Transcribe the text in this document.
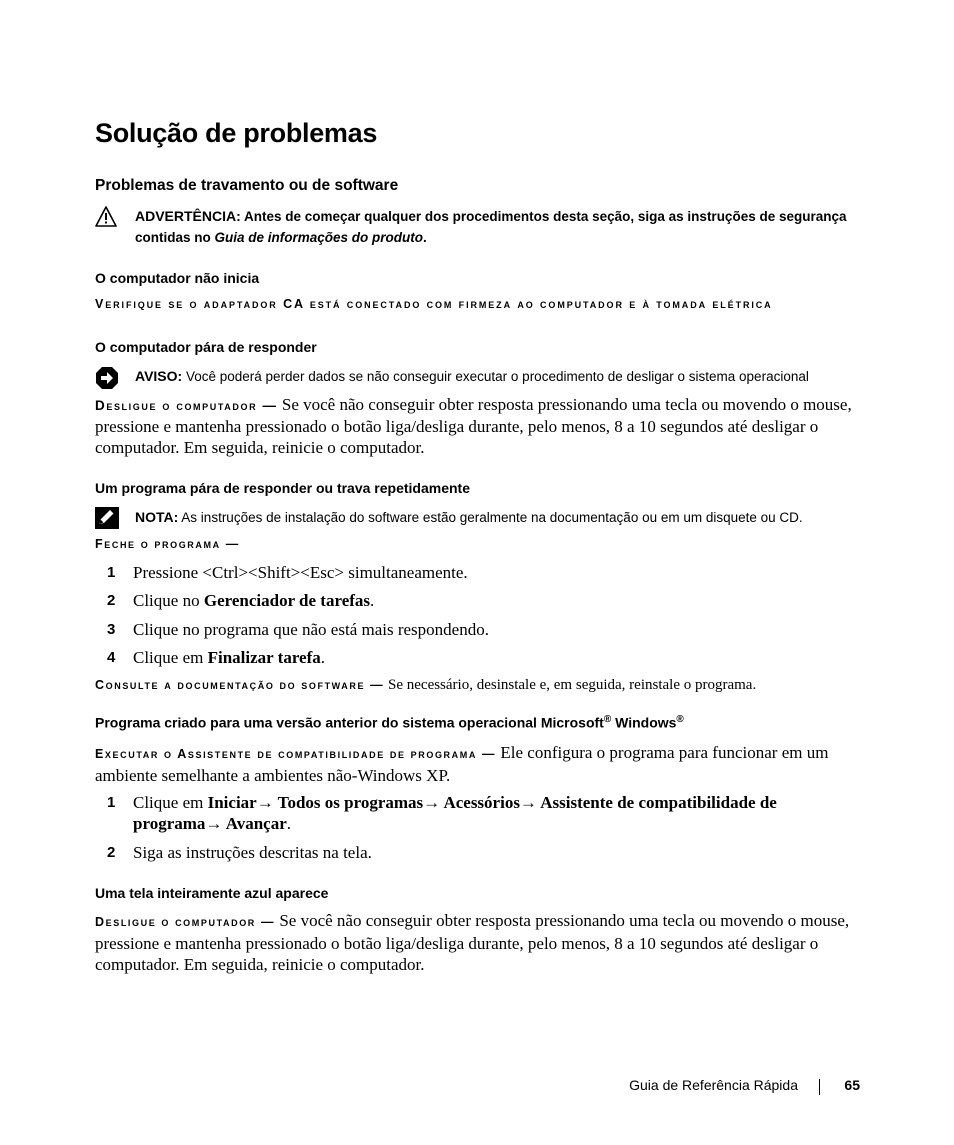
Solução de problemas
Problemas de travamento ou de software
ADVERTÊNCIA: Antes de começar qualquer dos procedimentos desta seção, siga as instruções de segurança contidas no Guia de informações do produto.
O computador não inicia
Verifique se o adaptador CA está conectado com firmeza ao computador e à tomada elétrica
O computador pára de responder
AVISO: Você poderá perder dados se não conseguir executar o procedimento de desligar o sistema operacional
Desligue o computador — Se você não conseguir obter resposta pressionando uma tecla ou movendo o mouse, pressione e mantenha pressionado o botão liga/desliga durante, pelo menos, 8 a 10 segundos até desligar o computador. Em seguida, reinicie o computador.
Um programa pára de responder ou trava repetidamente
NOTA: As instruções de instalação do software estão geralmente na documentação ou em um disquete ou CD.
Feche o programa —
1	Pressione <Ctrl><Shift><Esc> simultaneamente.
2	Clique no Gerenciador de tarefas.
3	Clique no programa que não está mais respondendo.
4	Clique em Finalizar tarefa.
Consulte a documentação do software — Se necessário, desinstale e, em seguida, reinstale o programa.
Programa criado para uma versão anterior do sistema operacional Microsoft® Windows®
Executar o Assistente de compatibilidade de programa — Ele configura o programa para funcionar em um ambiente semelhante a ambientes não-Windows XP.
1	Clique em Iniciar→ Todos os programas→ Acessórios→ Assistente de compatibilidade de programa→ Avançar.
2	Siga as instruções descritas na tela.
Uma tela inteiramente azul aparece
Desligue o computador — Se você não conseguir obter resposta pressionando uma tecla ou movendo o mouse, pressione e mantenha pressionado o botão liga/desliga durante, pelo menos, 8 a 10 segundos até desligar o computador. Em seguida, reinicie o computador.
Guia de Referência Rápida	65
